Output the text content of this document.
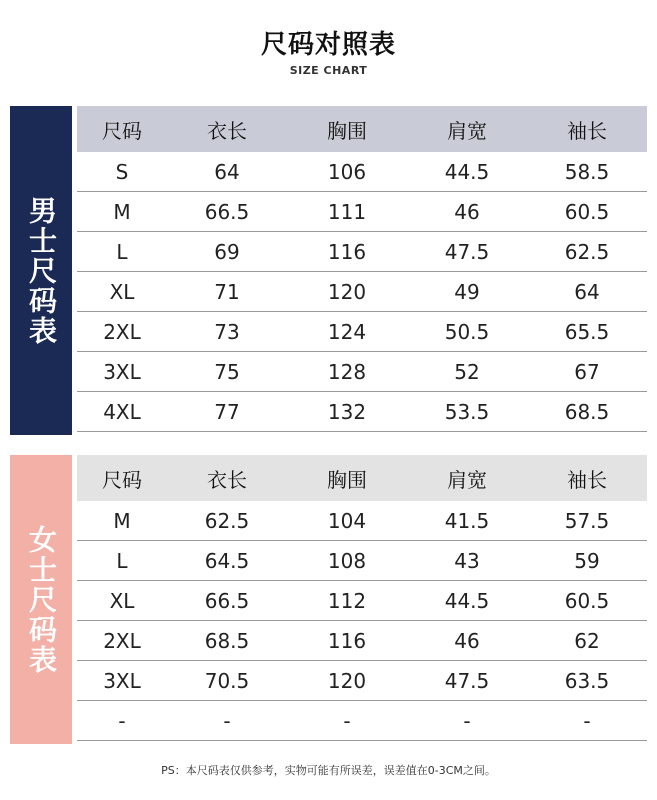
尺码对照表
SIZE CHART
男士尺码表
尺码	衣长	胸围	肩宽	袖长
S	64	106	44.5	58.5
M	66.5	111	46	60.5
L	69	116	47.5	62.5
XL	71	120	49	64
2XL	73	124	50.5	65.5
3XL	75	128	52	67
4XL	77	132	53.5	68.5
女士尺码表
尺码	衣长	胸围	肩宽	袖长
M	62.5	104	41.5	57.5
L	64.5	108	43	59
XL	66.5	112	44.5	60.5
2XL	68.5	116	46	62
3XL	70.5	120	47.5	63.5
-	-	-	-	-
PS：本尺码表仅供参考，实物可能有所误差，误差值在0-3CM之间。
